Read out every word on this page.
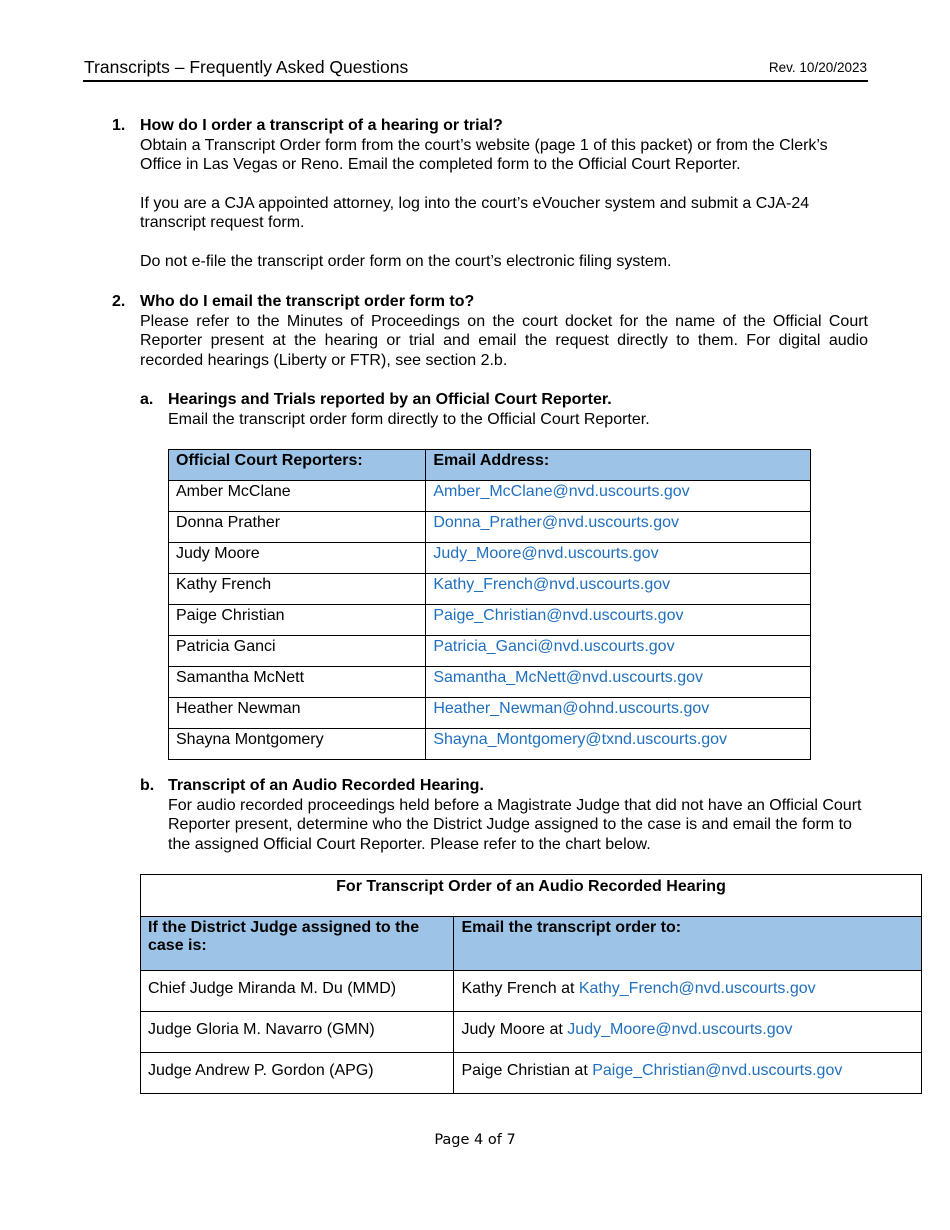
Transcripts – Frequently Asked Questions	Rev. 10/20/2023
1. How do I order a transcript of a hearing or trial?
Obtain a Transcript Order form from the court’s website (page 1 of this packet) or from the Clerk’s Office in Las Vegas or Reno. Email the completed form to the Official Court Reporter.
If you are a CJA appointed attorney, log into the court’s eVoucher system and submit a CJA-24 transcript request form.
Do not e-file the transcript order form on the court’s electronic filing system.
2. Who do I email the transcript order form to?
Please refer to the Minutes of Proceedings on the court docket for the name of the Official Court Reporter present at the hearing or trial and email the request directly to them. For digital audio recorded hearings (Liberty or FTR), see section 2.b.
a. Hearings and Trials reported by an Official Court Reporter.
Email the transcript order form directly to the Official Court Reporter.
Official Court Reporters:	Email Address:
Amber McClane	Amber_McClane@nvd.uscourts.gov
Donna Prather	Donna_Prather@nvd.uscourts.gov
Judy Moore	Judy_Moore@nvd.uscourts.gov
Kathy French	Kathy_French@nvd.uscourts.gov
Paige Christian	Paige_Christian@nvd.uscourts.gov
Patricia Ganci	Patricia_Ganci@nvd.uscourts.gov
Samantha McNett	Samantha_McNett@nvd.uscourts.gov
Heather Newman	Heather_Newman@ohnd.uscourts.gov
Shayna Montgomery	Shayna_Montgomery@txnd.uscourts.gov
b. Transcript of an Audio Recorded Hearing.
For audio recorded proceedings held before a Magistrate Judge that did not have an Official Court Reporter present, determine who the District Judge assigned to the case is and email the form to the assigned Official Court Reporter. Please refer to the chart below.
For Transcript Order of an Audio Recorded Hearing	
If the District Judge assigned to the case is:	Email the transcript order to:
Chief Judge Miranda M. Du (MMD)	Kathy French at Kathy_French@nvd.uscourts.gov
Judge Gloria M. Navarro (GMN)	Judy Moore at Judy_Moore@nvd.uscourts.gov
Judge Andrew P. Gordon (APG)	Paige Christian at Paige_Christian@nvd.uscourts.gov
Page 4 of 7
